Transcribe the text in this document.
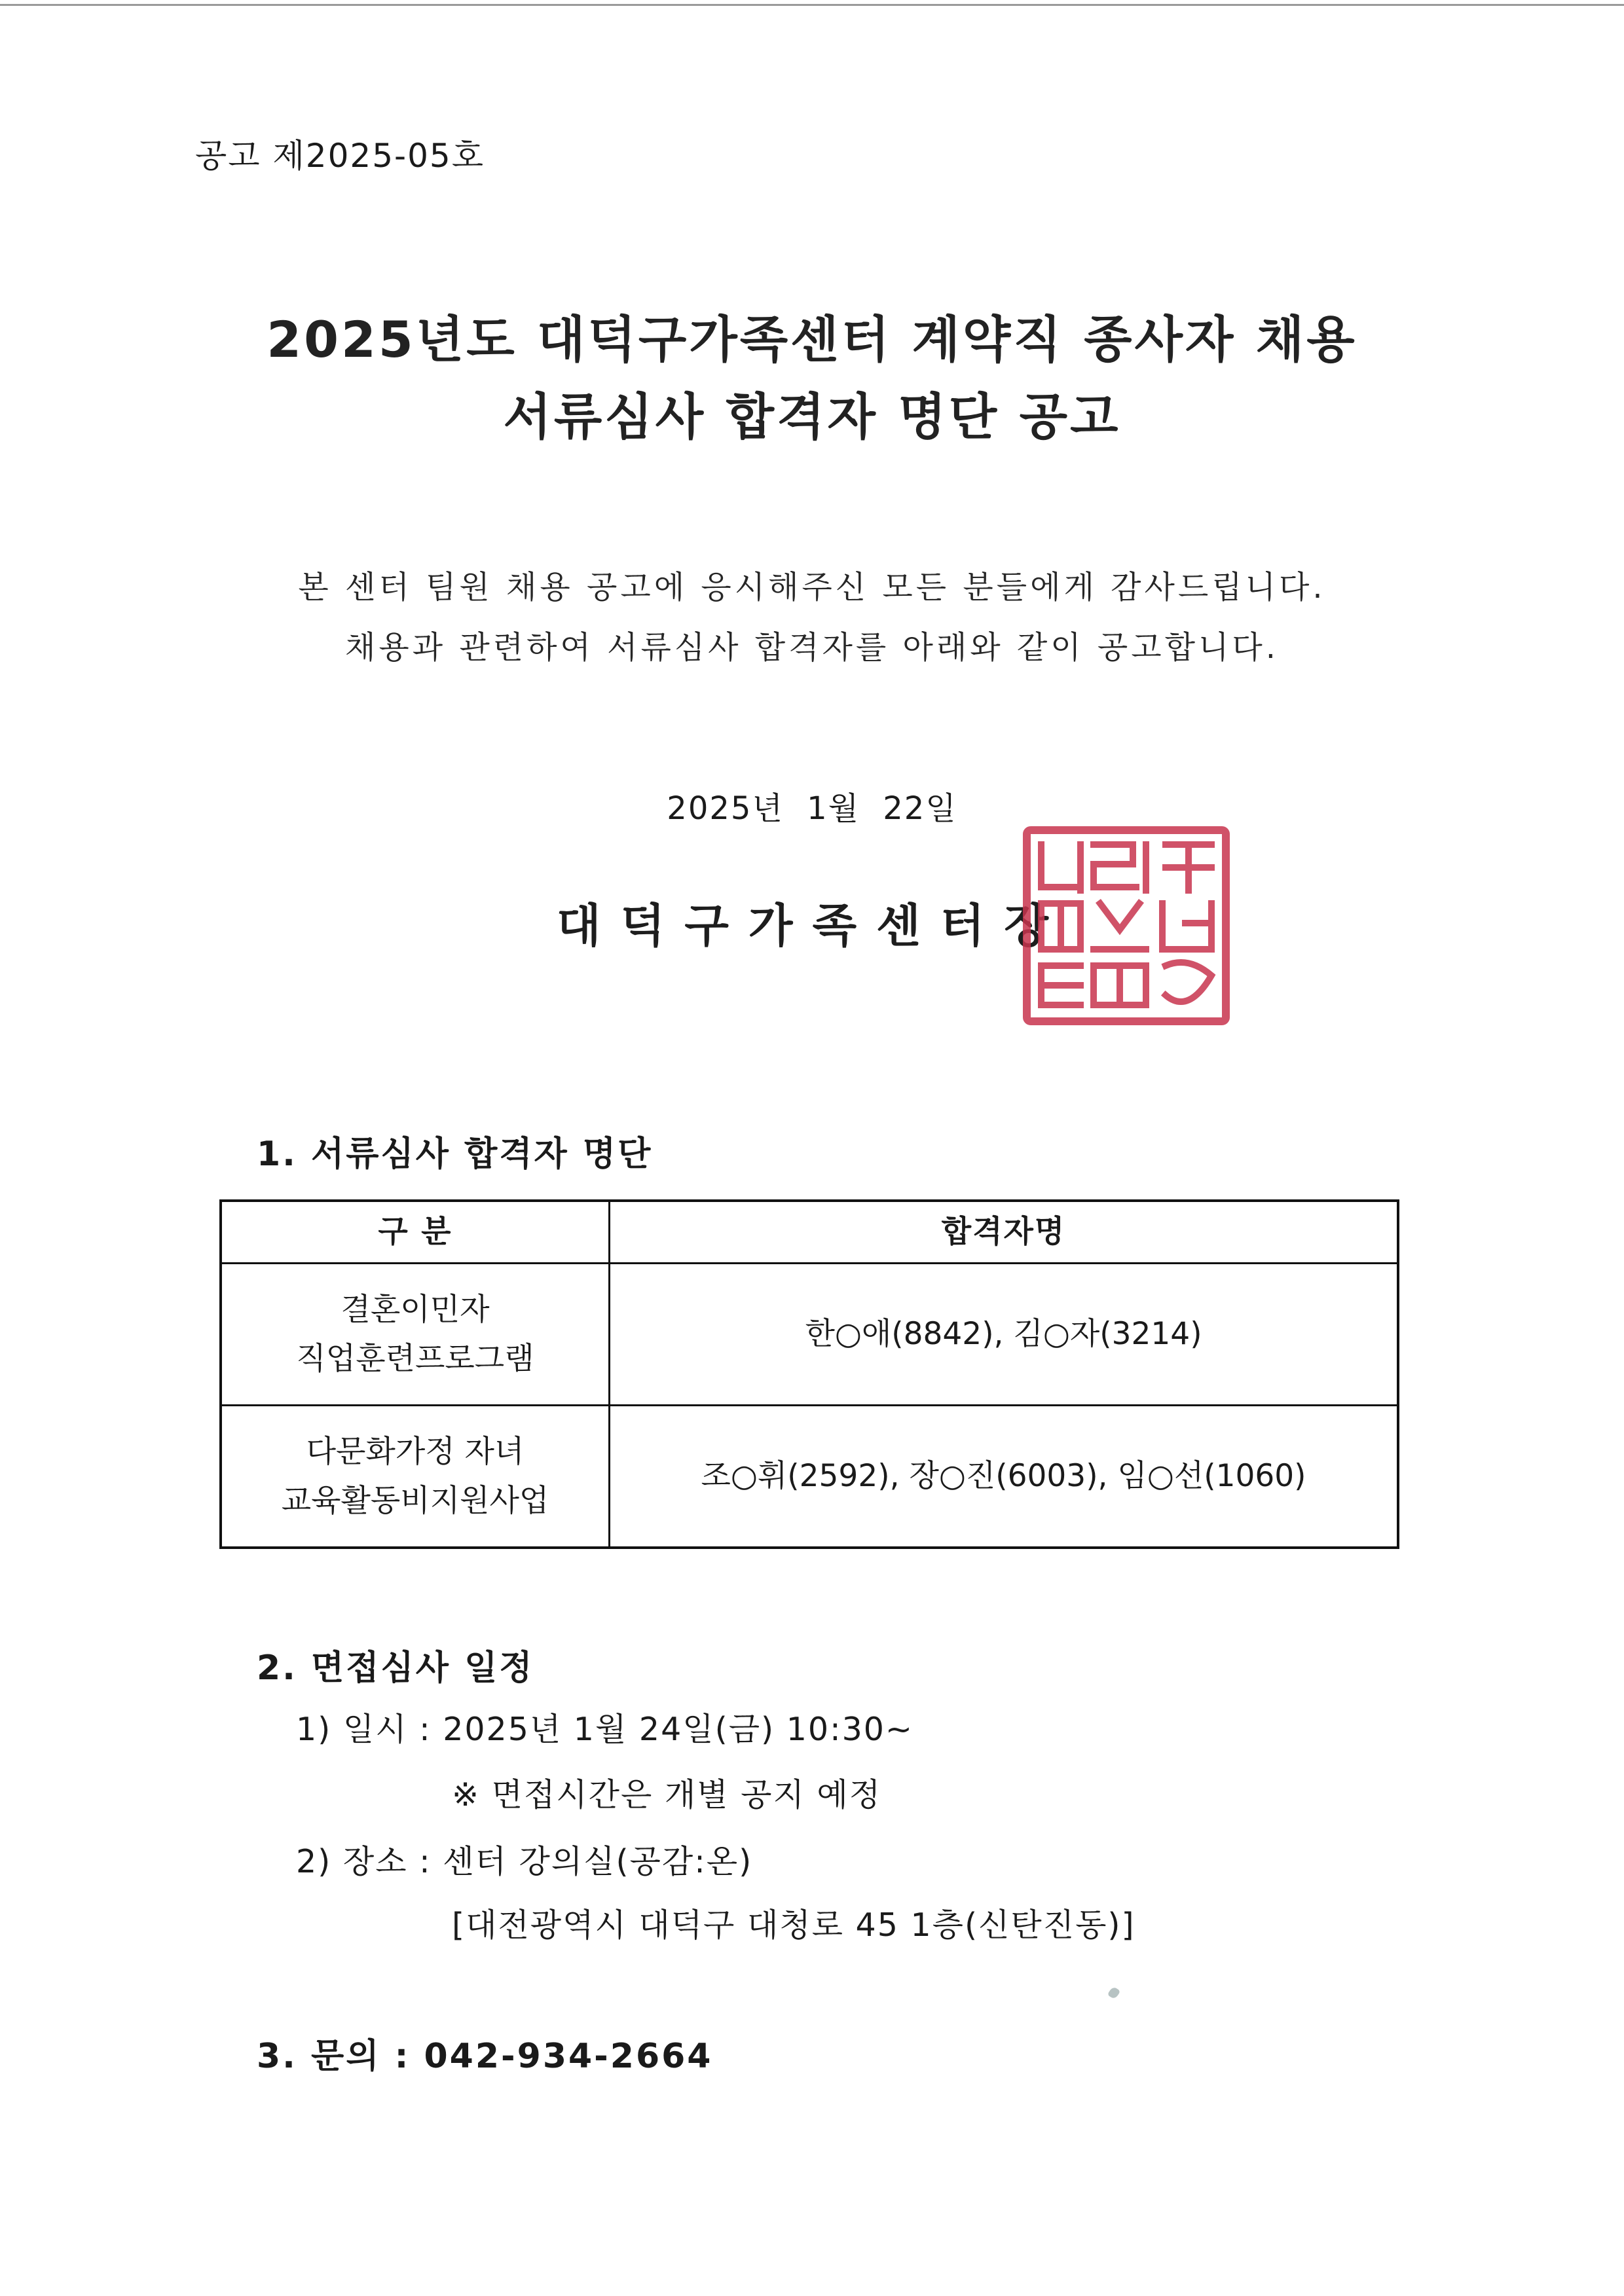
공고 제2025-05호
2025년도 대덕구가족센터 계약직 종사자 채용
서류심사 합격자 명단 공고
본 센터 팀원 채용 공고에 응시해주신 모든 분들에게 감사드립니다.
채용과 관련하여 서류심사 합격자를 아래와 같이 공고합니다.
2025년 1월 22일
대덕구가족센터장
1. 서류심사 합격자 명단
구 분	합격자명

결혼이민자
직업훈련프로그램	한○애(8842), 김○자(3214)

다문화가정 자녀
교육활동비지원사업	조○휘(2592), 장○진(6003), 임○선(1060)
2. 면접심사 일정
1) 일시 : 2025년 1월 24일(금) 10:30~
※ 면접시간은 개별 공지 예정
2) 장소 : 센터 강의실(공감:온)
[대전광역시 대덕구 대청로 45 1층(신탄진동)]
3. 문의 : 042-934-2664
